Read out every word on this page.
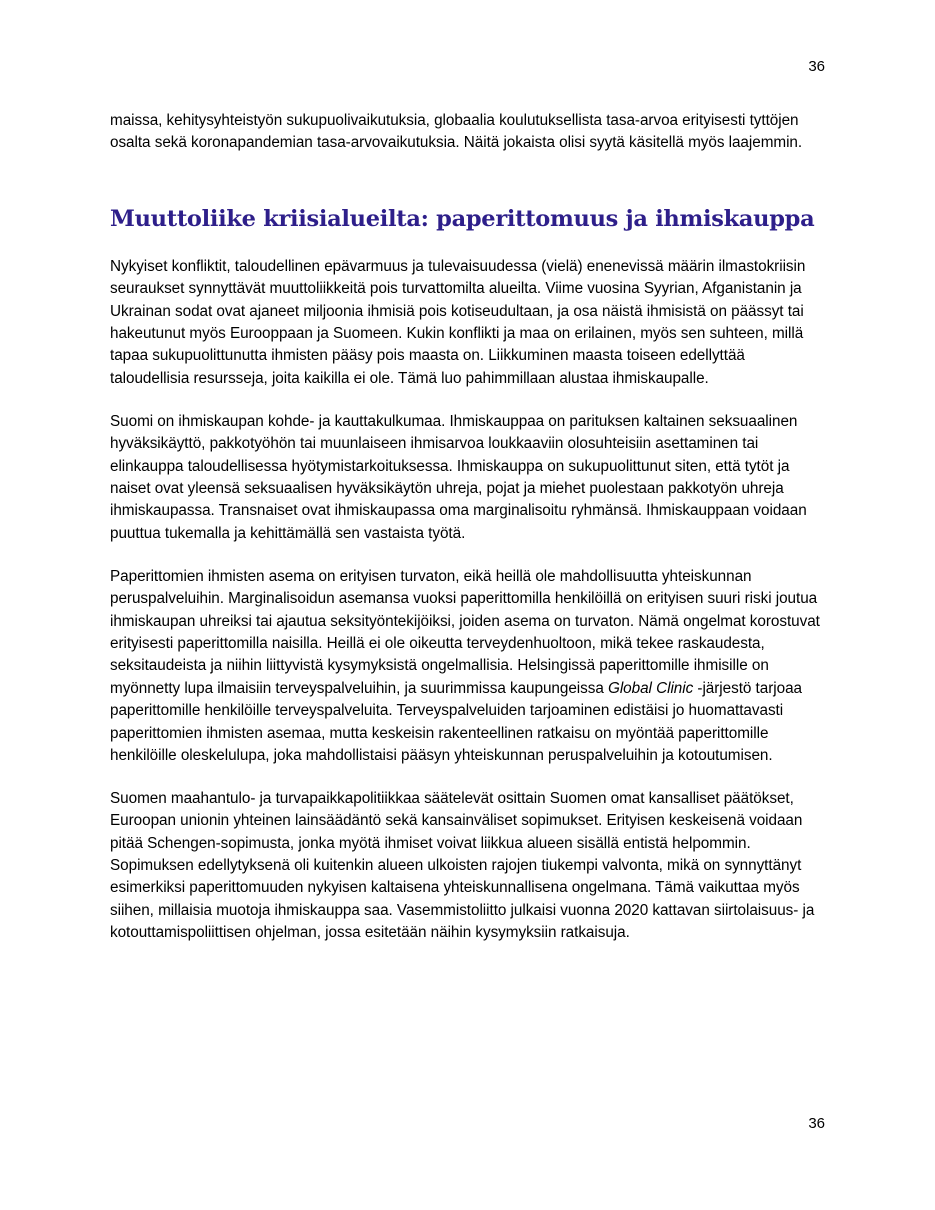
36

maissa, kehitysyhteistyön sukupuolivaikutuksia, globaalia koulutuksellista tasa-arvoa erityisesti tyttöjen osalta sekä koronapandemian tasa-arvovaikutuksia. Näitä jokaista olisi syytä käsitellä myös laajemmin.

Muuttoliike kriisialueilta: paperittomuus ja ihmiskauppa

Nykyiset konfliktit, taloudellinen epävarmuus ja tulevaisuudessa (vielä) enenevissä määrin ilmastokriisin seuraukset synnyttävät muuttoliikkeitä pois turvattomilta alueilta. Viime vuosina Syyrian, Afganistanin ja Ukrainan sodat ovat ajaneet miljoonia ihmisiä pois kotiseudultaan, ja osa näistä ihmisistä on päässyt tai hakeutunut myös Eurooppaan ja Suomeen. Kukin konflikti ja maa on erilainen, myös sen suhteen, millä tapaa sukupuolittunutta ihmisten pääsy pois maasta on. Liikkuminen maasta toiseen edellyttää taloudellisia resursseja, joita kaikilla ei ole. Tämä luo pahimmillaan alustaa ihmiskaupalle.

Suomi on ihmiskaupan kohde- ja kauttakulkumaa. Ihmiskauppaa on parituksen kaltainen seksuaalinen hyväksikäyttö, pakkotyöhön tai muunlaiseen ihmisarvoa loukkaaviin olosuhteisiin asettaminen tai elinkauppa taloudellisessa hyötymistarkoituksessa. Ihmiskauppa on sukupuolittunut siten, että tytöt ja naiset ovat yleensä seksuaalisen hyväksikäytön uhreja, pojat ja miehet puolestaan pakkotyön uhreja ihmiskaupassa. Transnaiset ovat ihmiskaupassa oma marginalisoitu ryhmänsä. Ihmiskauppaan voidaan puuttua tukemalla ja kehittämällä sen vastaista työtä.

Paperittomien ihmisten asema on erityisen turvaton, eikä heillä ole mahdollisuutta yhteiskunnan peruspalveluihin. Marginalisoidun asemansa vuoksi paperittomilla henkilöillä on erityisen suuri riski joutua ihmiskaupan uhreiksi tai ajautua seksityöntekijöiksi, joiden asema on turvaton. Nämä ongelmat korostuvat erityisesti paperittomilla naisilla. Heillä ei ole oikeutta terveydenhuoltoon, mikä tekee raskaudesta, seksitaudeista ja niihin liittyvistä kysymyksistä ongelmallisia. Helsingissä paperittomille ihmisille on myönnetty lupa ilmaisiin terveyspalveluihin, ja suurimmissa kaupungeissa Global Clinic -järjestö tarjoaa paperittomille henkilöille terveyspalveluita. Terveyspalveluiden tarjoaminen edistäisi jo huomattavasti paperittomien ihmisten asemaa, mutta keskeisin rakenteellinen ratkaisu on myöntää paperittomille henkilöille oleskelulupa, joka mahdollistaisi pääsyn yhteiskunnan peruspalveluihin ja kotoutumisen.

Suomen maahantulo- ja turvapaikkapolitiikkaa säätelevät osittain Suomen omat kansalliset päätökset, Euroopan unionin yhteinen lainsäädäntö sekä kansainväliset sopimukset. Erityisen keskeisenä voidaan pitää Schengen-sopimusta, jonka myötä ihmiset voivat liikkua alueen sisällä entistä helpommin. Sopimuksen edellytyksenä oli kuitenkin alueen ulkoisten rajojen tiukempi valvonta, mikä on synnyttänyt esimerkiksi paperittomuuden nykyisen kaltaisena yhteiskunnallisena ongelmana. Tämä vaikuttaa myös siihen, millaisia muotoja ihmiskauppa saa. Vasemmistoliitto julkaisi vuonna 2020 kattavan siirtolaisuus- ja kotouttamispoliittisen ohjelman, jossa esitetään näihin kysymyksiin ratkaisuja.

36
